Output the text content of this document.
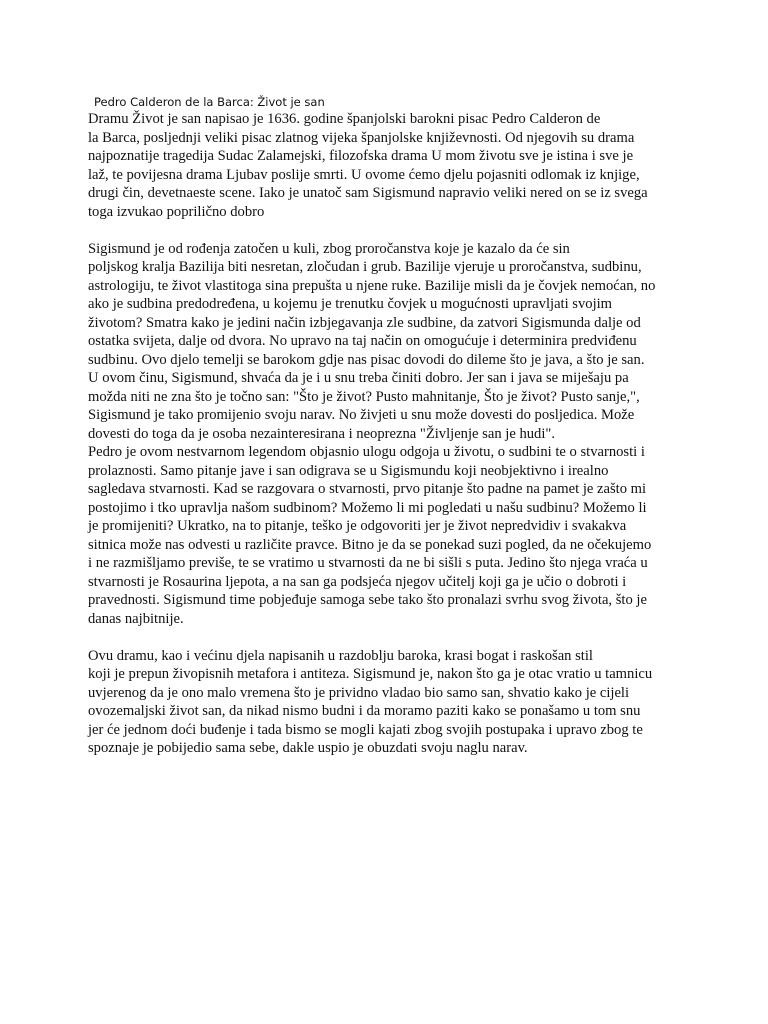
Pedro Calderon de la Barca: Život je san

Dramu Život je san napisao je 1636. godine španjolski barokni pisac Pedro Calderon de
la Barca, posljednji veliki pisac zlatnog vijeka španjolske književnosti. Od njegovih su drama
najpoznatije tragedija Sudac Zalamejski, filozofska drama U mom životu sve je istina i sve je
laž, te povijesna drama Ljubav poslije smrti. U ovome ćemo djelu pojasniti odlomak iz knjige,
drugi čin, devetnaeste scene. Iako je unatoč sam Sigismund napravio veliki nered on se iz svega
toga izvukao poprilično dobro

Sigismund je od rođenja zatočen u kuli, zbog proročanstva koje je kazalo da će sin
poljskog kralja Bazilija biti nesretan, zločudan i grub. Bazilije vjeruje u proročanstva, sudbinu,
astrologiju, te život vlastitoga sina prepušta u njene ruke. Bazilije misli da je čovjek nemoćan, no
ako je sudbina predodređena, u kojemu je trenutku čovjek u mogućnosti upravljati svojim
životom? Smatra kako je jedini način izbjegavanja zle sudbine, da zatvori Sigismunda dalje od
ostatka svijeta, dalje od dvora. No upravo na taj način on omogućuje i determinira predviđenu
sudbinu. Ovo djelo temelji se barokom gdje nas pisac dovodi do dileme što je java, a što je san.
U ovom činu, Sigismund, shvaća da je i u snu treba činiti dobro. Jer san i java se miješaju pa
možda niti ne zna što je točno san: "Što je život? Pusto mahnitanje, Što je život? Pusto sanje,",
Sigismund je tako promijenio svoju narav. No živjeti u snu može dovesti do posljedica. Može
dovesti do toga da je osoba nezainteresirana i neoprezna "Življenje san je hudi".
Pedro je ovom nestvarnom legendom objasnio ulogu odgoja u životu, o sudbini te o stvarnosti i
prolaznosti. Samo pitanje jave i san odigrava se u Sigismundu koji neobjektivno i irealno
sagledava stvarnosti. Kad se razgovara o stvarnosti, prvo pitanje što padne na pamet je zašto mi
postojimo i tko upravlja našom sudbinom? Možemo li mi pogledati u našu sudbinu? Možemo li
je promijeniti? Ukratko, na to pitanje, teško je odgovoriti jer je život nepredvidiv i svakakva
sitnica može nas odvesti u različite pravce. Bitno je da se ponekad suzi pogled, da ne očekujemo
i ne razmišljamo previše, te se vratimo u stvarnosti da ne bi sišli s puta. Jedino što njega vraća u
stvarnosti je Rosaurina ljepota, a na san ga podsjeća njegov učitelj koji ga je učio o dobroti i
pravednosti. Sigismund time pobjeđuje samoga sebe tako što pronalazi svrhu svog života, što je
danas najbitnije.

Ovu dramu, kao i većinu djela napisanih u razdoblju baroka, krasi bogat i raskošan stil
koji je prepun živopisnih metafora i antiteza. Sigismund je, nakon što ga je otac vratio u tamnicu
uvjerenog da je ono malo vremena što je prividno vladao bio samo san, shvatio kako je cijeli
ovozemaljski život san, da nikad nismo budni i da moramo paziti kako se ponašamo u tom snu
jer će jednom doći buđenje i tada bismo se mogli kajati zbog svojih postupaka i upravo zbog te
spoznaje je pobijedio sama sebe, dakle uspio je obuzdati svoju naglu narav.
